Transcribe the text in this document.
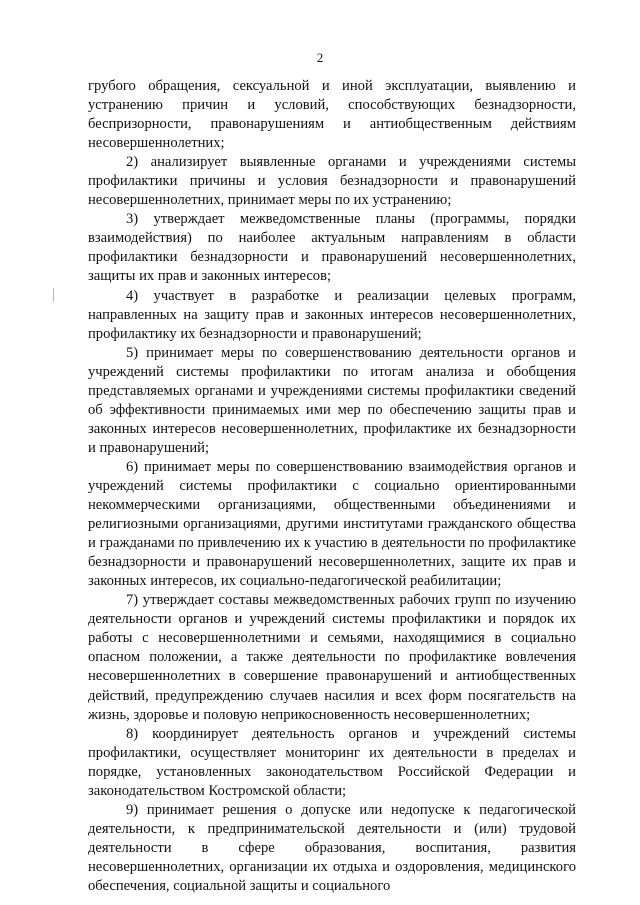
2

грубого обращения, сексуальной и иной эксплуатации, выявлению и устранению причин и условий, способствующих безнадзорности, беспризорности, правонарушениям и антиобщественным действиям несовершеннолетних;

2) анализирует выявленные органами и учреждениями системы профилактики причины и условия безнадзорности и правонарушений несовершеннолетних, принимает меры по их устранению;

3) утверждает межведомственные планы (программы, порядки взаимодействия) по наиболее актуальным направлениям в области профилактики безнадзорности и правонарушений несовершеннолетних, защиты их прав и законных интересов;

4) участвует в разработке и реализации целевых программ, направленных на защиту прав и законных интересов несовершеннолетних, профилактику их безнадзорности и правонарушений;

5) принимает меры по совершенствованию деятельности органов и учреждений системы профилактики по итогам анализа и обобщения представляемых органами и учреждениями системы профилактики сведений об эффективности принимаемых ими мер по обеспечению защиты прав и законных интересов несовершеннолетних, профилактике их безнадзорности и правонарушений;

6) принимает меры по совершенствованию взаимодействия органов и учреждений системы профилактики с социально ориентированными некоммерческими организациями, общественными объединениями и религиозными организациями, другими институтами гражданского общества и гражданами по привлечению их к участию в деятельности по профилактике безнадзорности и правонарушений несовершеннолетних, защите их прав и законных интересов, их социально-педагогической реабилитации;

7) утверждает составы межведомственных рабочих групп по изучению деятельности органов и учреждений системы профилактики и порядок их работы с несовершеннолетними и семьями, находящимися в социально опасном положении, а также деятельности по профилактике вовлечения несовершеннолетних в совершение правонарушений и антиобщественных действий, предупреждению случаев насилия и всех форм посягательств на жизнь, здоровье и половую неприкосновенность несовершеннолетних;

8) координирует деятельность органов и учреждений системы профилактики, осуществляет мониторинг их деятельности в пределах и порядке, установленных законодательством Российской Федерации и законодательством Костромской области;

9) принимает решения о допуске или недопуске к педагогической деятельности, к предпринимательской деятельности и (или) трудовой деятельности в сфере образования, воспитания, развития несовершеннолетних, организации их отдыха и оздоровления, медицинского обеспечения, социальной защиты и социального
